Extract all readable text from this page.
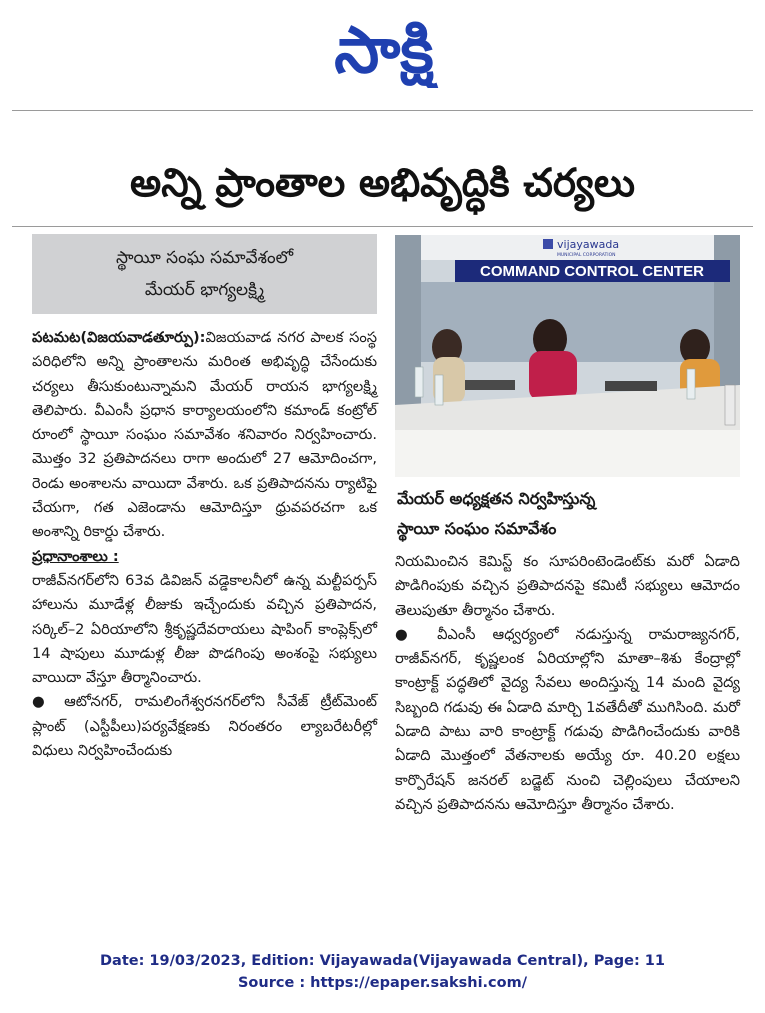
సాక్షి
అన్ని ప్రాంతాల అభివృద్ధికి చర్యలు
స్థాయీ సంఘ సమావేశంలో
మేయర్ భాగ్యలక్ష్మి

పటమట(విజయవాడతూర్పు):విజయవాడ నగర పాలక సంస్థ పరిధిలోని అన్ని ప్రాంతాలను మరింత అభివృద్ధి చేసేందుకు చర్యలు తీసుకుంటున్నామని మేయర్ రాయన భాగ్యలక్ష్మి తెలిపారు. వీఎంసీ ప్రధాన కార్యాలయంలోని కమాండ్ కంట్రోల్ రూంలో స్థాయీ సంఘం సమావేశం శనివారం నిర్వహించారు. మొత్తం 32 ప్రతిపాదనలు రాగా అందులో 27 ఆమోదించగా, రెండు అంశాలను వాయిదా వేశారు. ఒక ప్రతిపాదనను ర్యాటిఫై చేయగా, గత ఎజెండాను ఆమోదిస్తూ ధ్రువపరచగా ఒక అంశాన్ని రికార్డు చేశారు.

ప్రధానాంశాలు :

రాజీవ్‌నగర్‌లోని 63వ డివిజన్ వడ్డెకాలనీలో ఉన్న మల్టీపర్పస్ హాలును మూడేళ్ల లీజుకు ఇచ్చేందుకు వచ్చిన ప్రతిపాదన, సర్కిల్–2 ఏరియాలోని శ్రీకృష్ణదేవరాయలు షాపింగ్ కాంప్లెక్స్‌లో 14 షాపులు మూడుళ్ల లీజు పొడగింపు అంశంపై సభ్యులు వాయిదా వేస్తూ తీర్మానించారు.

● ఆటోనగర్, రామలింగేశ్వరనగర్‌లోని సీవేజ్ ట్రీట్‌మెంట్ ప్లాంట్ (ఎస్టీపీలు)పర్యవేక్షణకు నిరంతరం ల్యాబరేటరీల్లో విధులు నిర్వహించేందుకు

vijayawada
MUNICIPAL CORPORATION
COMMAND CONTROL CENTER
మేయర్ అధ్యక్షతన నిర్వహిస్తున్న
స్థాయీ సంఘం సమావేశం

నియమించిన కెమిస్ట్ కం సూపరింటెండెంట్‌కు మరో ఏడాది పొడిగింపుకు వచ్చిన ప్రతిపాదనపై కమిటీ సభ్యులు ఆమోదం తెలుపుతూ తీర్మానం చేశారు.

● వీఎంసీ ఆధ్వర్యంలో నడుస్తున్న రామరాజ్యనగర్, రాజీవ్‌నగర్, కృష్ణలంక ఏరియాల్లోని మాతా–శిశు కేంద్రాల్లో కాంట్రాక్ట్ పద్ధతిలో వైద్య సేవలు అందిస్తున్న 14 మంది వైద్య సిబ్బంది గడువు ఈ ఏడాది మార్చి 1వతేదీతో ముగిసింది. మరో ఏడాది పాటు వారి కాంట్రాక్ట్ గడువు పొడిగించేందుకు వారికి ఏడాది మొత్తంలో వేతనాలకు అయ్యే రూ. 40.20 లక్షలు కార్పొరేషన్ జనరల్ బడ్జెట్ నుంచి చెల్లింపులు చేయాలని వచ్చిన ప్రతిపాదనను ఆమోదిస్తూ తీర్మానం చేశారు.

Date: 19/03/2023, Edition: Vijayawada(Vijayawada Central), Page: 11
Source : https://epaper.sakshi.com/
